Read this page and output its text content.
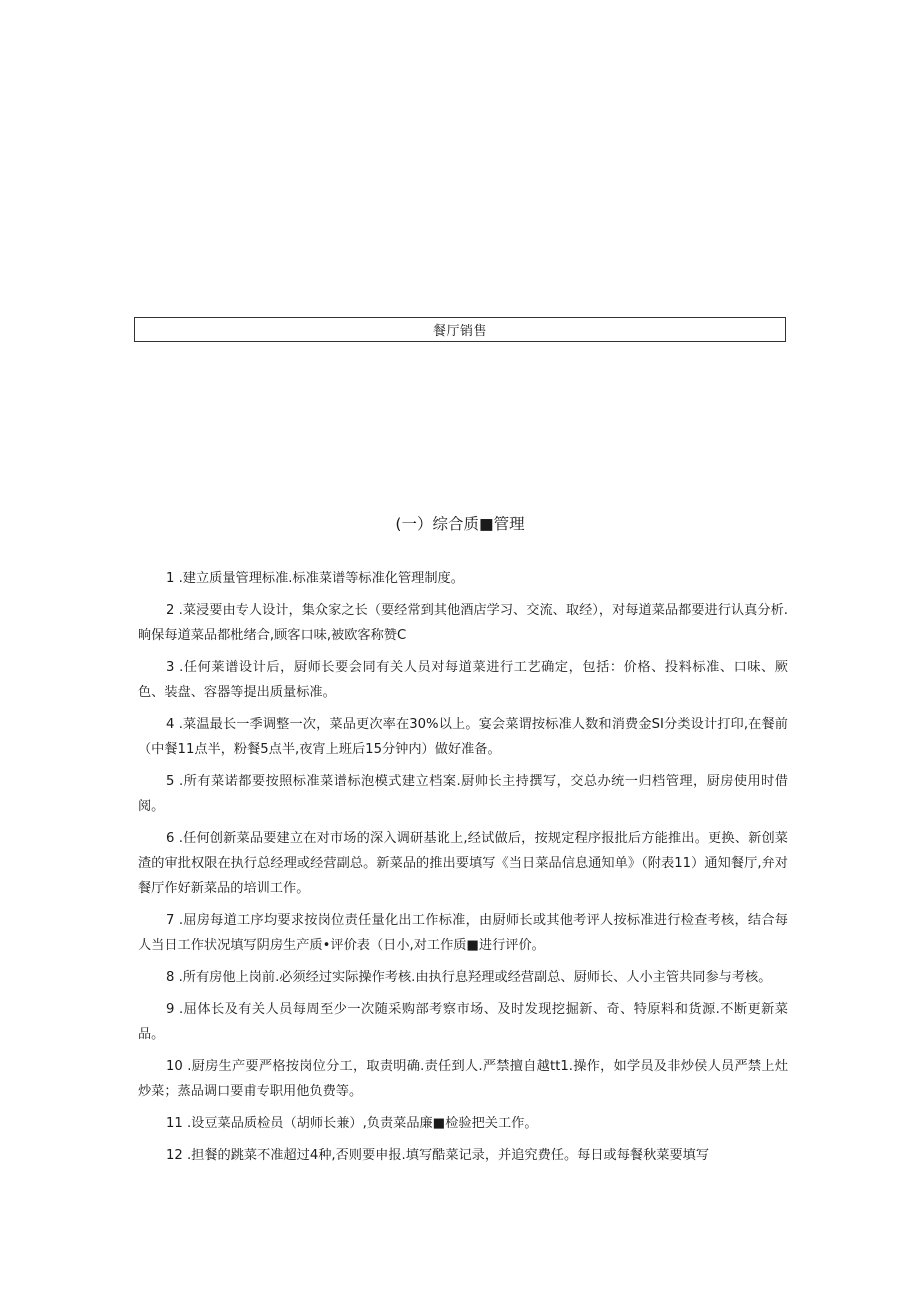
餐厅销售
(一）综合质■管理

1 .建立质量管理标准.标准菜谱等标准化管理制度。

2 .菜浸要由专人设计，集众家之长（要经常到其他酒店学习、交流、取经），对每道菜品都要进行认真分析.晌保每道菜品都枇绪合,顾客口味,被欧客称赞C

3 .任何莱谱设计后，厨师长要会同有关人员对每道菜进行工艺确定，包括：价格、投料标准、口味、厥色、装盘、容器等提出质量标准。

4 .菜温最长一季调整一次，菜品更次率在30%以上。宴会菜谓按标准人数和消费金SI分类设计打印,在餐前（中餐11点半，粉餐5点半,夜宵上班后15分钟内）做好准备。

5 .所有菜诺都要按照标准菜谱标泡模式建立档案.厨帅长主持撰写，交总办统一归档管理，厨房使用时借阅。

6 .任何创新菜品要建立在对市场的深入调研基讹上,经试做后，按规定程序报批后方能推出。更换、新创菜渣的审批权限在执行总经理或经营副总。新菜品的推出要填写《当日菜品信息通知单》（附表11）通知餐厅,弁对餐厅作好新菜品的培训工作。

7 .屈房每道工序均要求按岗位责任量化出工作标准，由厨师长或其他考评人按标准进行检查考核，结合每人当日工作状况填写阴房生产质•评价表（日小,对工作质■进行评价。

8 .所有房他上岗前.必须经过实际操作考核.由执行息羟理或经营副总、厨师长、人小主管共同参与考核。

9 .屈体长及有关人员每周至少一次随采购部考察市场、及时发现挖掘新、奇、特原料和货源.不断更新菜品。

10 .厨房生产要严格按岗位分工，取责明确.责任到人.严禁擅自越tt1.操作，如学员及非炒侯人员严禁上灶炒菜；蒸品调口要甫专职用他负费等。

11 .设豆菜品质检员（胡师长兼）,负责菜品廉■检验把关工作。

12 .担餐的跳菜不准超过4种,否则要申报.填写酷菜记录，并追究费任。每日或每餐秋菜要填写
